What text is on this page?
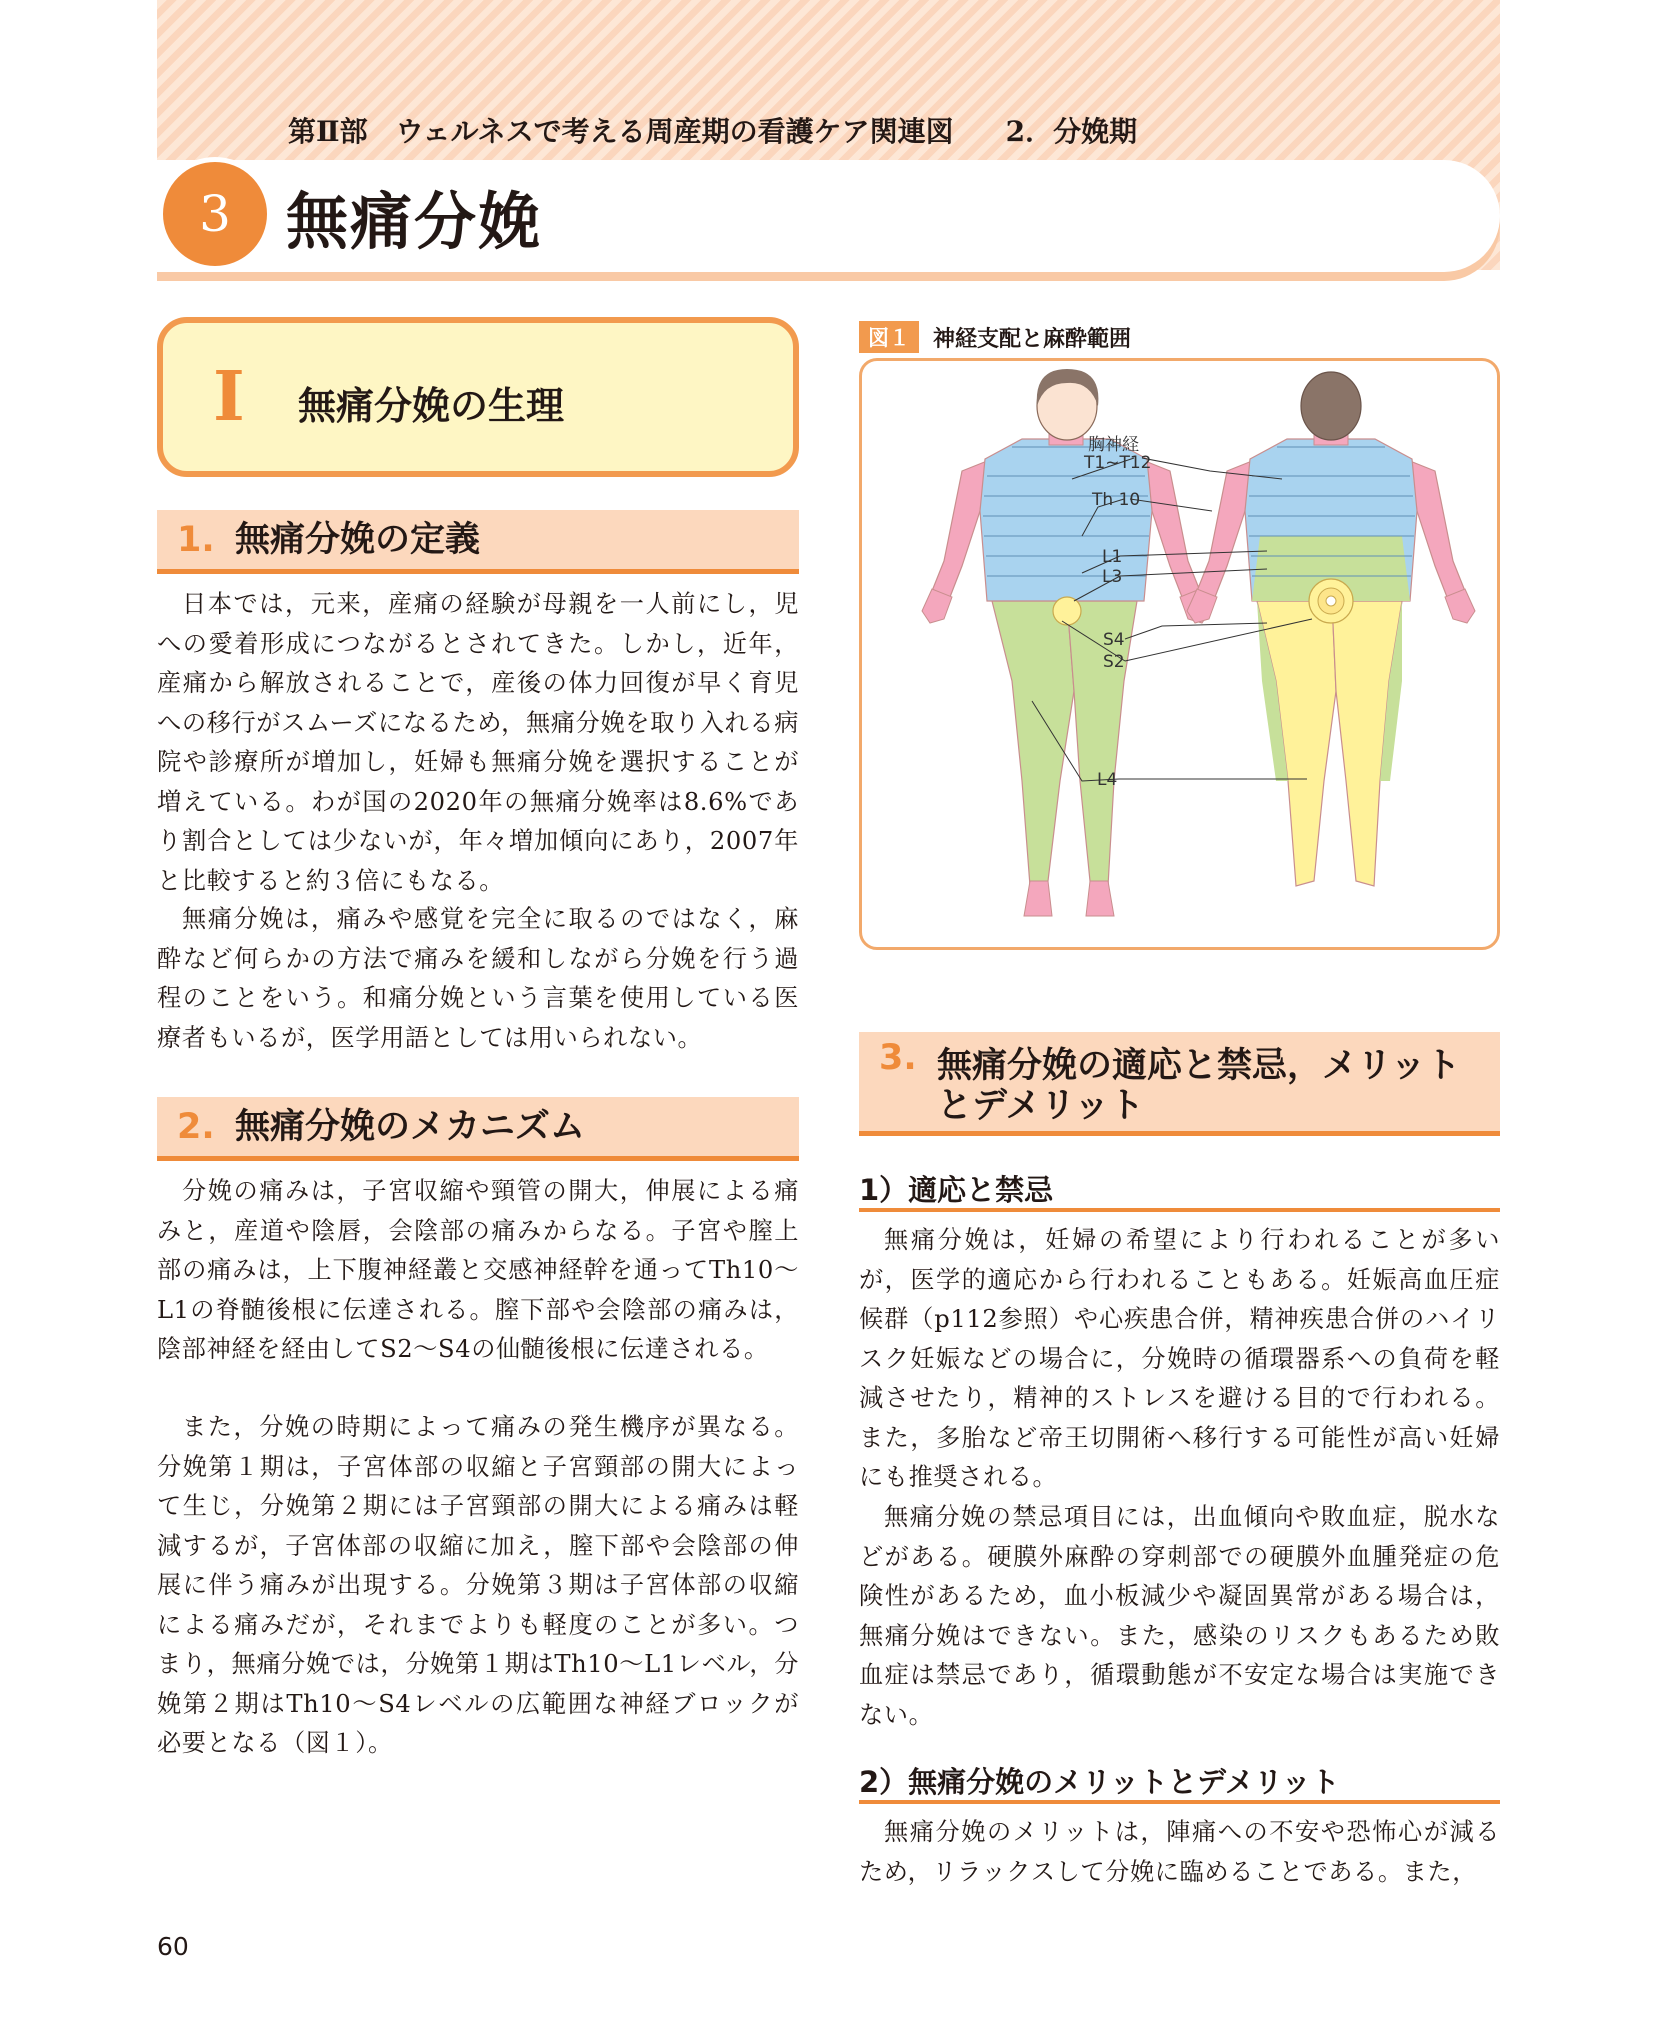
第Ⅱ部　ウェルネスで考える周産期の看護ケア関連図 2．分娩期
3 無痛分娩
Ⅰ 無痛分娩の生理
1. 無痛分娩の定義

日本では，元来，産痛の経験が母親を一人前にし，児への愛着形成につながるとされてきた。しかし，近年，産痛から解放されることで，産後の体力回復が早く育児への移行がスムーズになるため，無痛分娩を取り入れる病院や診療所が増加し，妊婦も無痛分娩を選択することが増えている。わが国の2020年の無痛分娩率は8.6%であり割合としては少ないが，年々増加傾向にあり，2007年と比較すると約３倍にもなる。

無痛分娩は，痛みや感覚を完全に取るのではなく，麻酔など何らかの方法で痛みを緩和しながら分娩を行う過程のことをいう。和痛分娩という言葉を使用している医療者もいるが，医学用語としては用いられない。

2. 無痛分娩のメカニズム

分娩の痛みは，子宮収縮や頸管の開大，伸展による痛みと，産道や陰唇，会陰部の痛みからなる。子宮や膣上部の痛みは，上下腹神経叢と交感神経幹を通ってTh10～L1の脊髄後根に伝達される。膣下部や会陰部の痛みは，陰部神経を経由してS2～S4の仙髄後根に伝達される。

また，分娩の時期によって痛みの発生機序が異なる。分娩第１期は，子宮体部の収縮と子宮頸部の開大によって生じ，分娩第２期には子宮頸部の開大による痛みは軽減するが，子宮体部の収縮に加え，膣下部や会陰部の伸展に伴う痛みが出現する。分娩第３期は子宮体部の収縮による痛みだが，それまでよりも軽度のことが多い。つまり，無痛分娩では，分娩第１期はTh10～L1レベル，分娩第２期はTh10～S4レベルの広範囲な神経ブロックが必要となる（図１）。

図１	神経支配と麻酔範囲
胸神経
T1~T12
Th 10
L1
L3
S4
S2
L4
3. 無痛分娩の適応と禁忌，メリット
とデメリット
1）適応と禁忌

無痛分娩は，妊婦の希望により行われることが多いが，医学的適応から行われることもある。妊娠高血圧症候群（p112参照）や心疾患合併，精神疾患合併のハイリスク妊娠などの場合に，分娩時の循環器系への負荷を軽減させたり，精神的ストレスを避ける目的で行われる。また，多胎など帝王切開術へ移行する可能性が高い妊婦にも推奨される。

無痛分娩の禁忌項目には，出血傾向や敗血症，脱水などがある。硬膜外麻酔の穿刺部での硬膜外血腫発症の危険性があるため，血小板減少や凝固異常がある場合は，無痛分娩はできない。また，感染のリスクもあるため敗血症は禁忌であり，循環動態が不安定な場合は実施できない。

2）無痛分娩のメリットとデメリット

無痛分娩のメリットは，陣痛への不安や恐怖心が減るため，リラックスして分娩に臨めることである。また，

60
